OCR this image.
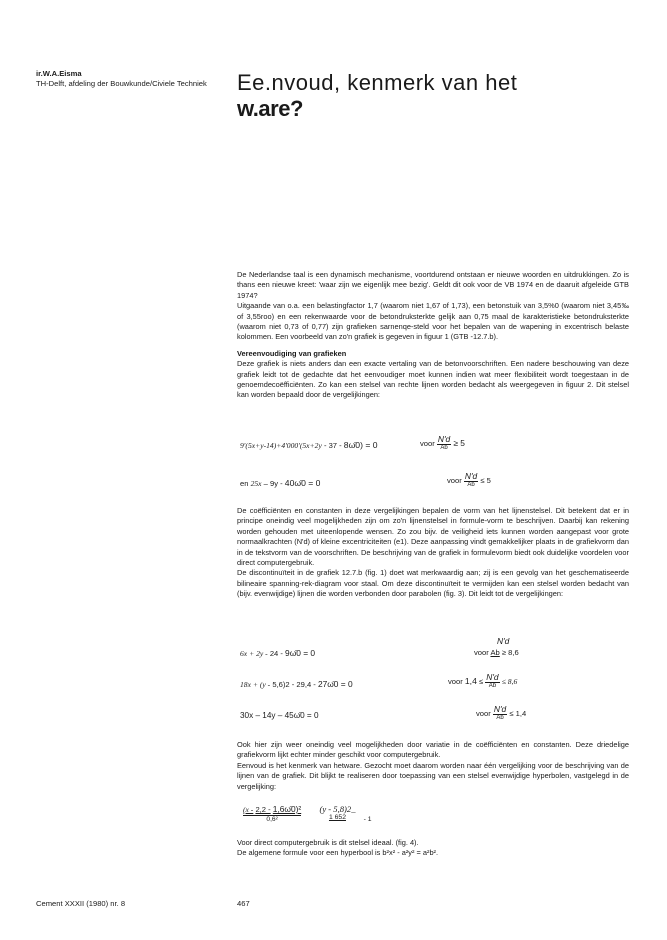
ir.W.A.Eisma
TH-Delft, afdeling der Bouwkunde/Civiele Techniek	Ee.nvoud, kenmerk van het
w.are?

De Nederlandse taal is een dynamisch mechanisme, voortdurend ontstaan er nieuwe woorden en uitdrukkingen. Zo is thans een nieuwe kreet: 'waar zijn we eigenlijk mee bezig'. Geldt dit ook voor de VB 1974 en de daaruit afgeleide GTB 1974?

Uitgaande van o.a. een belastingfactor 1,7 (waarom niet 1,67 of 1,73), een betonstuik van 3,5%0 (waarom niet 3,45‰ of 3,55roo) en een rekenwaarde voor de betondruksterkte gelijk aan 0,75 maal de karakteristieke betondruksterkte (waarom niet 0,73 of 0,77) zijn grafieken sarnenqe-steld voor het bepalen van de wapening in excentrisch belaste kolommen. Een voorbeeld van zo'n grafiek is gegeven in figuur 1 (GTB -12.7.b).

Vereenvoudiging van grafieken

Deze grafiek is niets anders dan een exacte vertaling van de betonvoorschriften. Een nadere beschouwing van deze grafiek leidt tot de gedachte dat het eenvoudiger moet kunnen indien wat meer flexibiliteit wordt toegestaan in de genoemdecoëfficiënten. Zo kan een stelsel van rechte lijnen worden bedacht als weergegeven in figuur 2. Dit stelsel kan worden bepaald door de vergelijkingen:

9'(5x+y-14)+4'000'(5x+2y - 37 - 8ω̄0) = 0	voor $\frac{N'd}{Ab} \ge 5$
en 25x – 9y - 40ω̄0 = 0	voor $\frac{N'd}{Ab} \le 5$

De coëfficiënten en constanten in deze vergelijkingen bepalen de vorm van het lijnenstelsel. Dit betekent dat er in principe oneindig veel mogelijkheden zijn om zo'n lijnenstelsel in formule-vorm te beschrijven. Daarbij kan rekening worden gehouden met uiteenlopende wensen. Zo zou bijv. de veiligheid iets kunnen worden aangepast voor grote normaalkrachten (N'd) of kleine excentriciteiten (e1). Deze aanpassing vindt gemakkelijker plaats in de grafiekvorm dan in de tekstvorm van de voorschriften. De beschrijving van de grafiek in formulevorm biedt ook duidelijke voordelen voor direct computergebruik.

De discontinuïteit in de grafiek 12.7.b (fig. 1) doet wat merkwaardig aan; zij is een gevolg van het geschematiseerde bilineaire spanning-rek-diagram voor staal. Om deze discontinuïteit te vermijden kan een stelsel worden bedacht van (bijv. evenwijdige) lijnen die worden verbonden door parabolen (fig. 3). Dit leidt tot de vergelijkingen:

N'd
6x + 2y - 24 - 9ω̄0 = 0	voor Ab ≥ 8,6
18x + (y - 5,6)2 - 29,4 - 27ω̄0 = 0	voor $1,4 \le \frac{N'd}{Ab} \le 8,6$
30x – 14y – 45ω̄0 = 0	voor $\frac{N'd}{Ab} \le 1,4$

Ook hier zijn weer oneindig veel mogelijkheden door variatie in de coëfficiënten en constanten. Deze driedelige grafiekvorm lijkt echter minder geschikt voor computergebruik.

Eenvoud is het kenmerk van hetware. Gezocht moet daarom worden naar één vergelijking voor de beschrijving van de lijnen van de grafiek. Dit blijkt te realiseren door toepassing van een stelsel evenwijdige hyperbolen, vastgelegd in de vergelijking:

$\frac{\text{(x - 2,2 - 1,6ω̄0)²}}{\text{0,6²}}$
(y - 5,8)2_
1 652	- 1

Voor direct computergebruik is dit stelsel ideaal. (fig. 4).

De algemene formule voor een hyperbool is b²x² - a²y² = a²b².

Cement XXXII (1980) nr. 8	467
